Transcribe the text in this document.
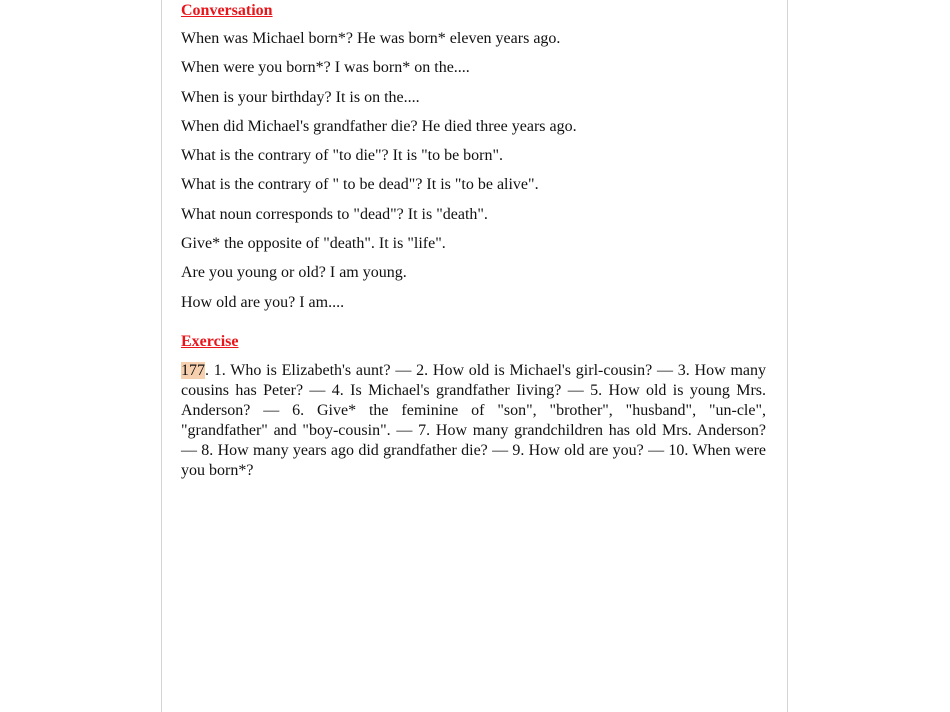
Conversation
When was Michael born*? He was born* eleven years ago.
When were you born*? I was born* on the....
When is your birthday? It is on the....
When did Michael's grandfather die? He died three years ago.
What is the contrary of "to die"? It is "to be born".
What is the contrary of " to be dead"? It is "to be alive".
What noun corresponds to "dead"? It is "death".
Give* the opposite of "death". It is "life".
Are you young or old? I am young.
How old are you? I am....
Exercise

177. 1. Who is Elizabeth's aunt? — 2. How old is Michael's girl-cousin? — 3. How many cousins has Peter? — 4. Is Michael's grandfather Iiving? — 5. How old is young Mrs. Anderson? — 6. Give* the feminine of "son", "brother", "husband", "un-cle", "grandfather" and "boy-cousin". — 7. How many grandchildren has old Mrs. Anderson? — 8. How many years ago did grandfather die? — 9. How old are you? — 10. When were you born*?
